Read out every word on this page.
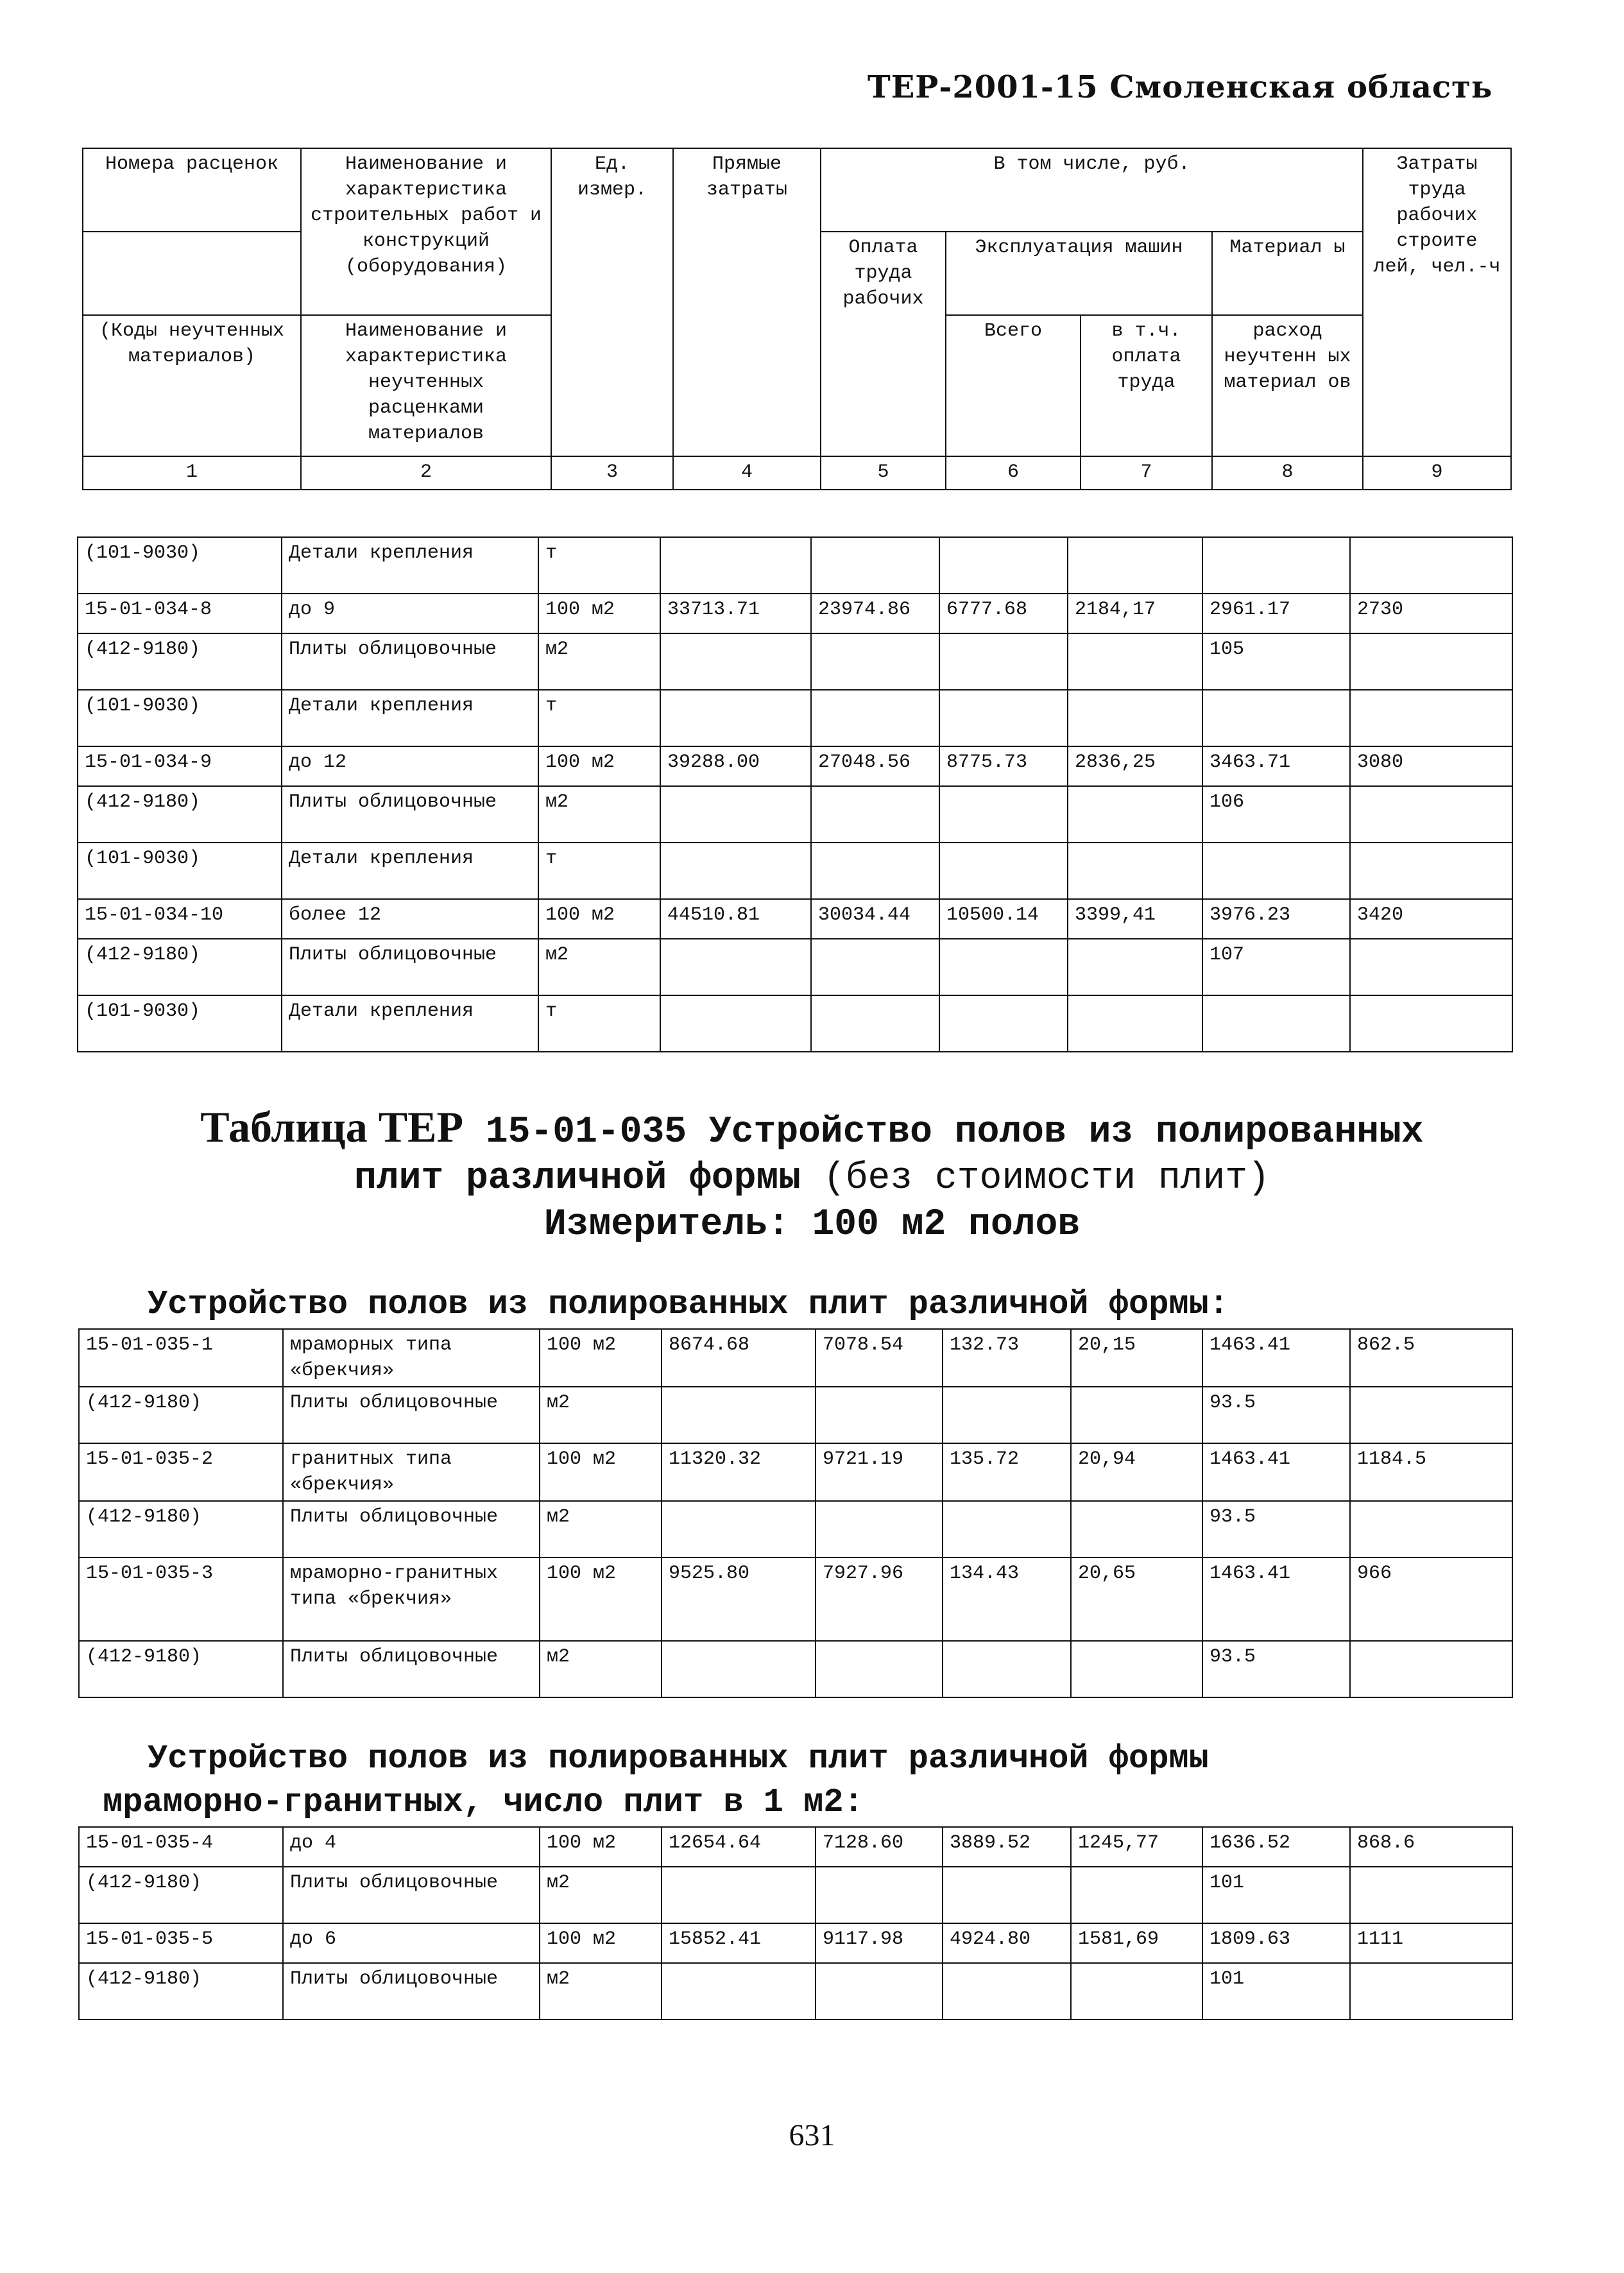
ТЕР-2001-15 Смоленская область
Номера расценок	Наименование и характеристика строительных работ и конструкций (оборудования)	Ед. измер.	Прямые затраты	В том числе, руб.				Затраты труда рабочих строите лей, чел.-ч
				Оплата труда рабочих	Эксплуатация машин		Материал ы	
(Коды неучтенных материалов)	Наименование и характеристика неучтенных расценками материалов				Всего	в т.ч. оплата труда	расход неучтенн ых материал ов	
1	2	3	4	5	6	7	8	9
(101-9030)	Детали крепления	т						
15-01-034-8	до 9	100 м2	33713.71	23974.86	6777.68	2184,17	2961.17	2730
(412-9180)	Плиты облицовочные	м2					105	
(101-9030)	Детали крепления	т						
15-01-034-9	до 12	100 м2	39288.00	27048.56	8775.73	2836,25	3463.71	3080
(412-9180)	Плиты облицовочные	м2					106	
(101-9030)	Детали крепления	т						
15-01-034-10	более 12	100 м2	44510.81	30034.44	10500.14	3399,41	3976.23	3420
(412-9180)	Плиты облицовочные	м2					107	
(101-9030)	Детали крепления	т						
Таблица ТЕР 15-01-035 Устройство полов из полированных
плит различной формы (без стоимости плит)
Измеритель: 100 м2 полов
Устройство полов из полированных плит различной формы:
15-01-035-1	мраморных типа «брекчия»	100 м2	8674.68	7078.54	132.73	20,15	1463.41	862.5
(412-9180)	Плиты облицовочные	м2					93.5	
15-01-035-2	гранитных типа «брекчия»	100 м2	11320.32	9721.19	135.72	20,94	1463.41	1184.5
(412-9180)	Плиты облицовочные	м2					93.5	
15-01-035-3	мраморно-гранитных типа «брекчия»	100 м2	9525.80	7927.96	134.43	20,65	1463.41	966
(412-9180)	Плиты облицовочные	м2					93.5	
Устройство полов из полированных плит различной формы
мраморно-гранитных, число плит в 1 м2:
15-01-035-4	до 4	100 м2	12654.64	7128.60	3889.52	1245,77	1636.52	868.6
(412-9180)	Плиты облицовочные	м2					101	
15-01-035-5	до 6	100 м2	15852.41	9117.98	4924.80	1581,69	1809.63	1111
(412-9180)	Плиты облицовочные	м2					101	
631
